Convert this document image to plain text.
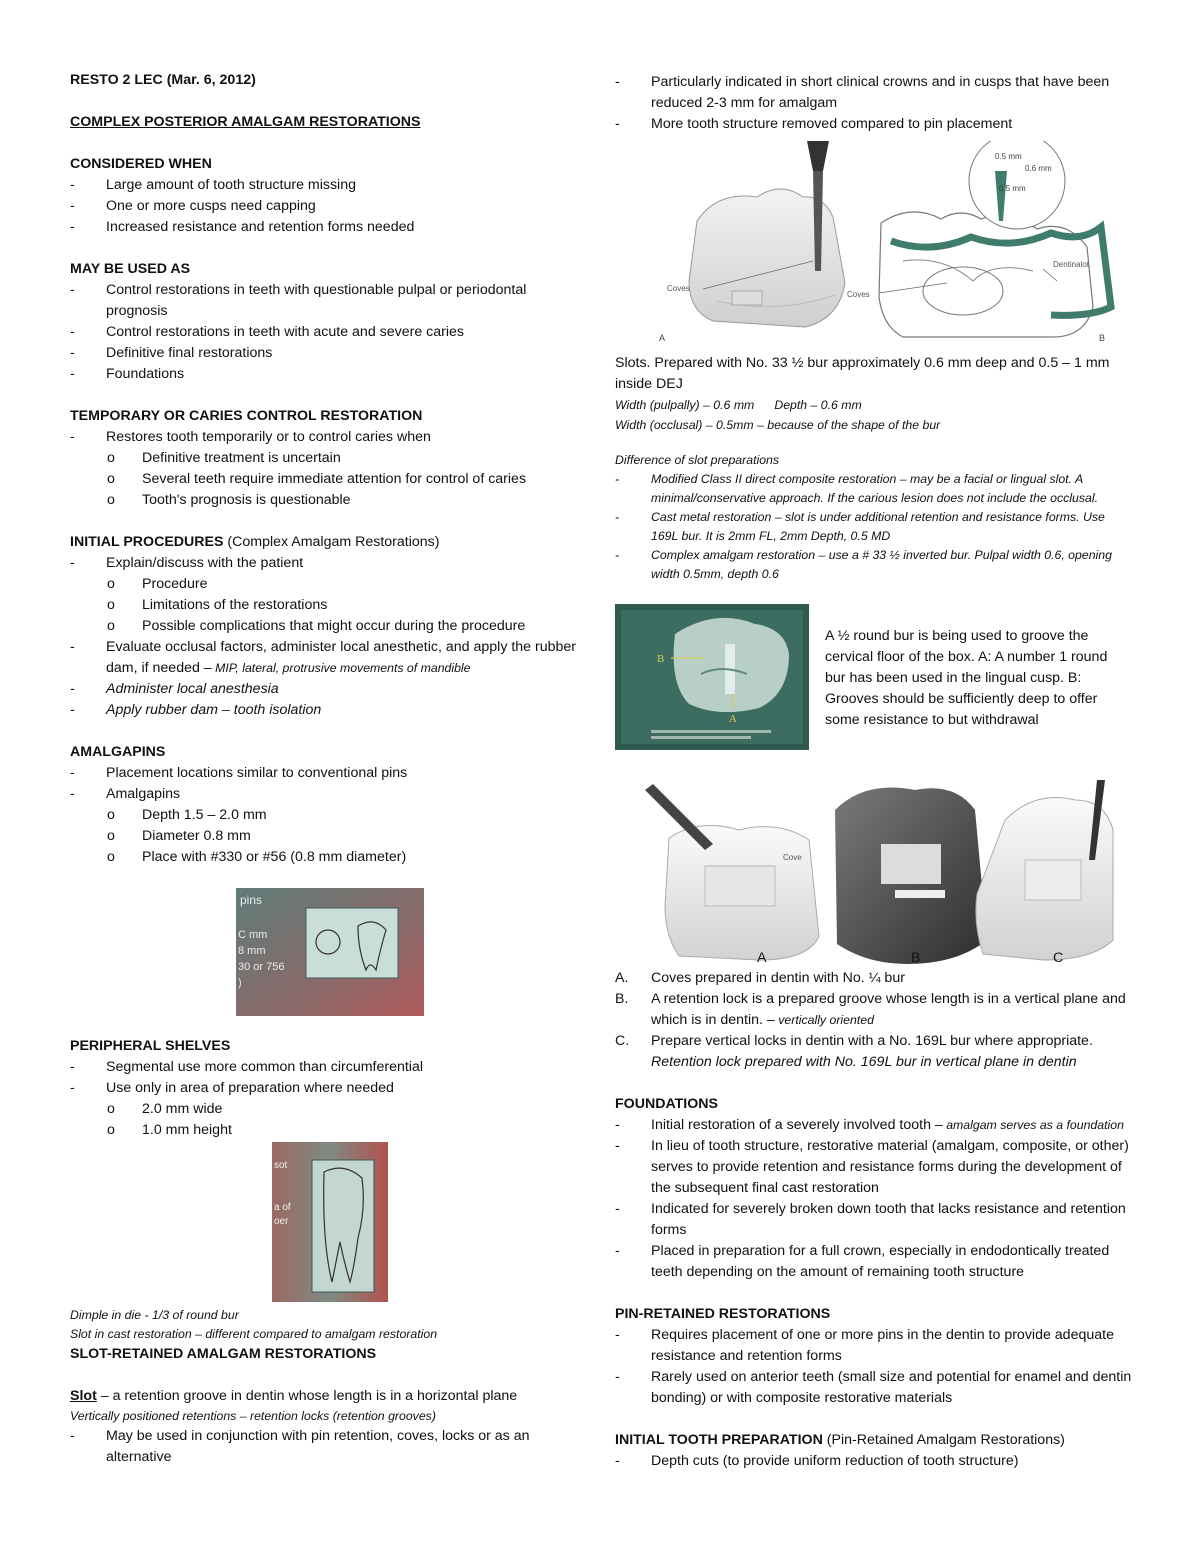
RESTO 2 LEC (Mar. 6, 2012)
COMPLEX POSTERIOR AMALGAM RESTORATIONS
CONSIDERED WHEN
- Large amount of tooth structure missing
- One or more cusps need capping
- Increased resistance and retention forms needed
MAY BE USED AS
- Control restorations in teeth with questionable pulpal or periodontal prognosis
- Control restorations in teeth with acute and severe caries
- Definitive final restorations
- Foundations
TEMPORARY OR CARIES CONTROL RESTORATION
- Restores tooth temporarily or to control caries when
o Definitive treatment is uncertain
o Several teeth require immediate attention for control of caries
o Tooth's prognosis is questionable
INITIAL PROCEDURES (Complex Amalgam Restorations)
- Explain/discuss with the patient
o Procedure
o Limitations of the restorations
o Possible complications that might occur during the procedure
- Evaluate occlusal factors, administer local anesthetic, and apply the rubber dam, if needed – MIP, lateral, protrusive movements of mandible
- Administer local anesthesia
- Apply rubber dam – tooth isolation
AMALGAPINS
- Placement locations similar to conventional pins
- Amalgapins
o Depth 1.5 – 2.0 mm
o Diameter 0.8 mm
o Place with #330 or #56 (0.8 mm diameter)
pins
C mm
8 mm
30 or 756
)
PERIPHERAL SHELVES
- Segmental use more common than circumferential
- Use only in area of preparation where needed
o 2.0 mm wide
o 1.0 mm height
sot
a of
oer
Dimple in die - 1/3 of round bur
Slot in cast restoration – different compared to amalgam restoration
SLOT-RETAINED AMALGAM RESTORATIONS
Slot – a retention groove in dentin whose length is in a horizontal plane
Vertically positioned retentions – retention locks (retention grooves)
- May be used in conjunction with pin retention, coves, locks or as an alternative
- Particularly indicated in short clinical crowns and in cusps that have been reduced 2-3 mm for amalgam
- More tooth structure removed compared to pin placement
Coves
A
Coves
Dentinalot
B
0.5 mm
0.6 mm
0.5 mm
Slots. Prepared with No. 33 ½ bur approximately 0.6 mm deep and 0.5 – 1 mm inside DEJ
Width (pulpally) – 0.6 mm Depth – 0.6 mm
Width (occlusal) – 0.5mm – because of the shape of the bur
Difference of slot preparations
-	Modified Class II direct composite restoration – may be a facial or lingual slot. A minimal/conservative approach. If the carious lesion does not include the occlusal.
-	Cast metal restoration – slot is under additional retention and resistance forms. Use 169L bur. It is 2mm FL, 2mm Depth, 0.5 MD
-	Complex amalgam restoration – use a # 33 ½ inverted bur. Pulpal width 0.6, opening width 0.5mm, depth 0.6
B
A
A ½ round bur is being used to groove the cervical floor of the box. A: A number 1 round bur has been used in the lingual cusp. B: Grooves should be sufficiently deep to offer some resistance to but withdrawal
Cove
A	B	C
A. Coves prepared in dentin with No. ¼ bur
B. A retention lock is a prepared groove whose length is in a vertical plane and which is in dentin. – vertically oriented
C. Prepare vertical locks in dentin with a No. 169L bur where appropriate.
Retention lock prepared with No. 169L bur in vertical plane in dentin
FOUNDATIONS
- Initial restoration of a severely involved tooth – amalgam serves as a foundation
- In lieu of tooth structure, restorative material (amalgam, composite, or other) serves to provide retention and resistance forms during the development of the subsequent final cast restoration
- Indicated for severely broken down tooth that lacks resistance and retention forms
- Placed in preparation for a full crown, especially in endodontically treated teeth depending on the amount of remaining tooth structure
PIN-RETAINED RESTORATIONS
- Requires placement of one or more pins in the dentin to provide adequate resistance and retention forms
- Rarely used on anterior teeth (small size and potential for enamel and dentin bonding) or with composite restorative materials
INITIAL TOOTH PREPARATION (Pin-Retained Amalgam Restorations)
- Depth cuts (to provide uniform reduction of tooth structure)
